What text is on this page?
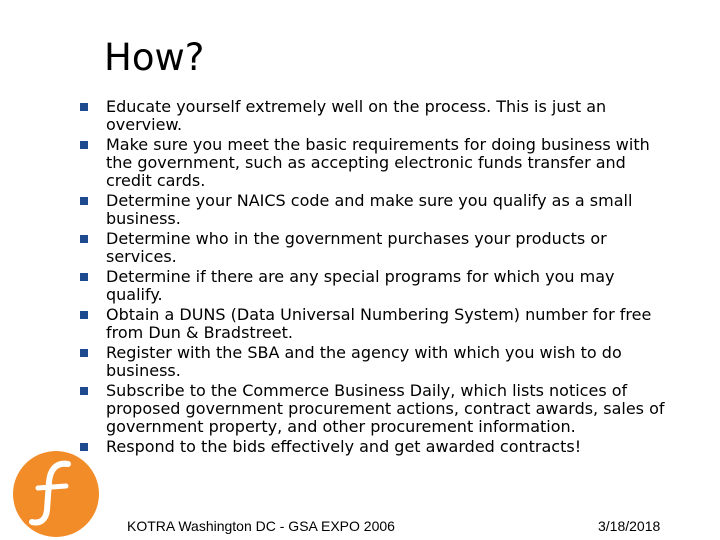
How?
Educate yourself extremely well on the process. This is just an overview.
Make sure you meet the basic requirements for doing business with the government, such as accepting electronic funds transfer and credit cards.
Determine your NAICS code and make sure you qualify as a small business.
Determine who in the government purchases your products or services.
Determine if there are any special programs for which you may qualify.
Obtain a DUNS (Data Universal Numbering System) number for free from Dun & Bradstreet.
Register with the SBA and the agency with which you wish to do business.
Subscribe to the Commerce Business Daily, which lists notices of proposed government procurement actions, contract awards, sales of government property, and other procurement information.
Respond to the bids effectively and get awarded contracts!
KOTRA Washington DC - GSA EXPO 2006	3/18/2018
